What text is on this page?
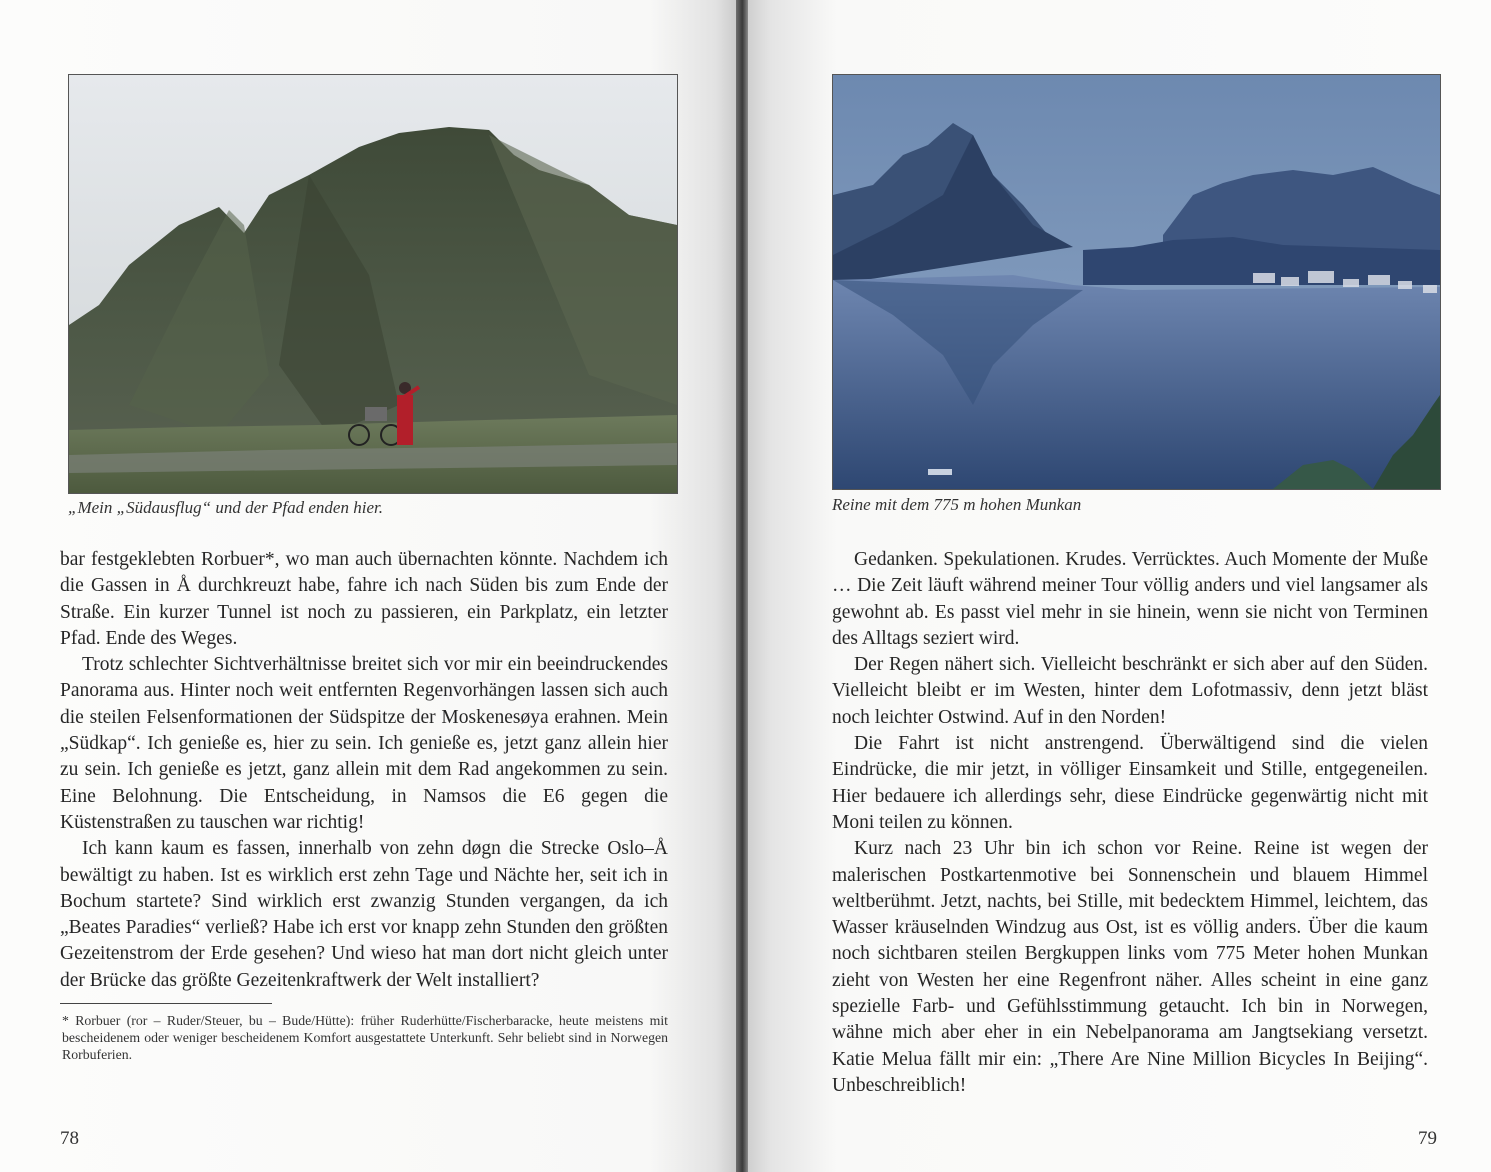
„Mein „Südausflug“ und der Pfad enden hier.

bar festgeklebten Rorbuer*, wo man auch übernachten könnte. Nachdem ich die Gassen in Å durchkreuzt habe, fahre ich nach Süden bis zum Ende der Straße. Ein kurzer Tunnel ist noch zu passieren, ein Parkplatz, ein letzter Pfad. Ende des Weges.

Trotz schlechter Sichtverhältnisse breitet sich vor mir ein beeindruckendes Panorama aus. Hinter noch weit entfernten Regenvorhängen lassen sich auch die steilen Felsenformationen der Südspitze der Moskenesøya erahnen. Mein „Südkap“. Ich genieße es, hier zu sein. Ich genieße es, jetzt ganz allein hier zu sein. Ich genieße es jetzt, ganz allein mit dem Rad angekommen zu sein. Eine Belohnung. Die Entscheidung, in Namsos die E6 gegen die Küstenstraßen zu tauschen war richtig!

Ich kann kaum es fassen, innerhalb von zehn døgn die Strecke Oslo–Å bewältigt zu haben. Ist es wirklich erst zehn Tage und Nächte her, seit ich in Bochum startete? Sind wirklich erst zwanzig Stunden vergangen, da ich „Beates Paradies“ verließ? Habe ich erst vor knapp zehn Stunden den größten Gezeitenstrom der Erde gesehen? Und wieso hat man dort nicht gleich unter der Brücke das größte Gezeitenkraftwerk der Welt installiert?

* Rorbuer (ror – Ruder/Steuer, bu – Bude/Hütte): früher Ruderhütte/Fischerbaracke, heute meistens mit bescheidenem oder weniger bescheidenem Komfort ausgestattete Unterkunft. Sehr beliebt sind in Norwegen Rorbuferien.
78
Reine mit dem 775 m hohen Munkan

Gedanken. Spekulationen. Krudes. Verrücktes. Auch Momente der Muße … Die Zeit läuft während meiner Tour völlig anders und viel langsamer als gewohnt ab. Es passt viel mehr in sie hinein, wenn sie nicht von Terminen des Alltags seziert wird.

Der Regen nähert sich. Vielleicht beschränkt er sich aber auf den Süden. Vielleicht bleibt er im Westen, hinter dem Lofotmassiv, denn jetzt bläst noch leichter Ostwind. Auf in den Norden!

Die Fahrt ist nicht anstrengend. Überwältigend sind die vielen Eindrücke, die mir jetzt, in völliger Einsamkeit und Stille, entgegeneilen. Hier bedauere ich allerdings sehr, diese Eindrücke gegenwärtig nicht mit Moni teilen zu können.

Kurz nach 23 Uhr bin ich schon vor Reine. Reine ist wegen der malerischen Postkartenmotive bei Sonnenschein und blauem Himmel weltberühmt. Jetzt, nachts, bei Stille, mit bedecktem Himmel, leichtem, das Wasser kräuselnden Windzug aus Ost, ist es völlig anders. Über die kaum noch sichtbaren steilen Bergkuppen links vom 775 Meter hohen Munkan zieht von Westen her eine Regenfront näher. Alles scheint in eine ganz spezielle Farb- und Gefühlsstimmung getaucht. Ich bin in Norwegen, wähne mich aber eher in ein Nebelpanorama am Jangtsekiang versetzt. Katie Melua fällt mir ein: „There Are Nine Million Bicycles In Beijing“. Unbeschreiblich!

79
